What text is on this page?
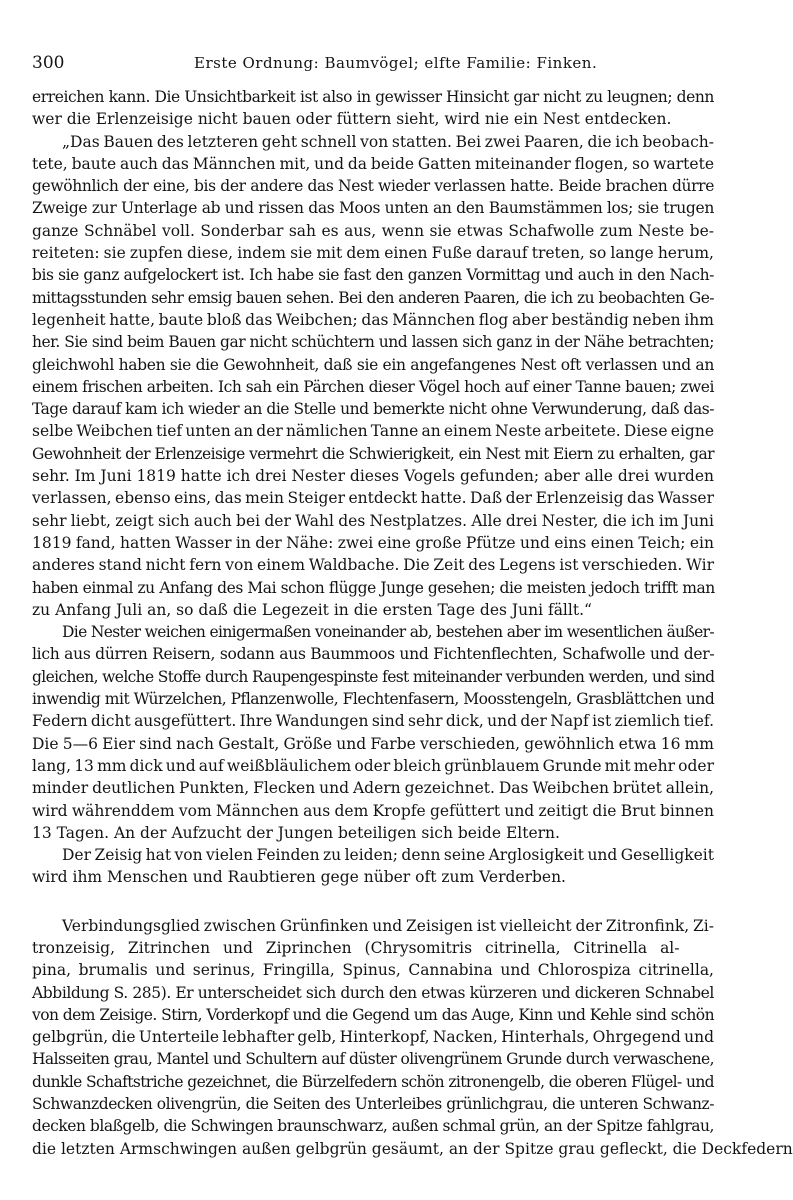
300	Erste Ordnung: Baumvögel; elfte Familie: Finken.
erreichen kann. Die Unsichtbarkeit ist also in gewisser Hinsicht gar nicht zu leugnen; denn
wer die Erlenzeisige nicht bauen oder füttern sieht, wird nie ein Nest entdecken.
„Das Bauen des letzteren geht schnell von statten. Bei zwei Paaren, die ich beobach-
tete, baute auch das Männchen mit, und da beide Gatten miteinander flogen, so wartete
gewöhnlich der eine, bis der andere das Nest wieder verlassen hatte. Beide brachen dürre
Zweige zur Unterlage ab und rissen das Moos unten an den Baumstämmen los; sie trugen
ganze Schnäbel voll. Sonderbar sah es aus, wenn sie etwas Schafwolle zum Neste be-
reiteten: sie zupfen diese, indem sie mit dem einen Fuße darauf treten, so lange herum,
bis sie ganz aufgelockert ist. Ich habe sie fast den ganzen Vormittag und auch in den Nach-
mittagsstunden sehr emsig bauen sehen. Bei den anderen Paaren, die ich zu beobachten Ge-
legenheit hatte, baute bloß das Weibchen; das Männchen flog aber beständig neben ihm
her. Sie sind beim Bauen gar nicht schüchtern und lassen sich ganz in der Nähe betrachten;
gleichwohl haben sie die Gewohnheit, daß sie ein angefangenes Nest oft verlassen und an
einem frischen arbeiten. Ich sah ein Pärchen dieser Vögel hoch auf einer Tanne bauen; zwei
Tage darauf kam ich wieder an die Stelle und bemerkte nicht ohne Verwunderung, daß das-
selbe Weibchen tief unten an der nämlichen Tanne an einem Neste arbeitete. Diese eigne
Gewohnheit der Erlenzeisige vermehrt die Schwierigkeit, ein Nest mit Eiern zu erhalten, gar
sehr. Im Juni 1819 hatte ich drei Nester dieses Vogels gefunden; aber alle drei wurden
verlassen, ebenso eins, das mein Steiger entdeckt hatte. Daß der Erlenzeisig das Wasser
sehr liebt, zeigt sich auch bei der Wahl des Nestplatzes. Alle drei Nester, die ich im Juni
1819 fand, hatten Wasser in der Nähe: zwei eine große Pfütze und eins einen Teich; ein
anderes stand nicht fern von einem Waldbache. Die Zeit des Legens ist verschieden. Wir
haben einmal zu Anfang des Mai schon flügge Junge gesehen; die meisten jedoch trifft man
zu Anfang Juli an, so daß die Legezeit in die ersten Tage des Juni fällt.“
Die Nester weichen einigermaßen voneinander ab, bestehen aber im wesentlichen äußer-
lich aus dürren Reisern, sodann aus Baummoos und Fichtenflechten, Schafwolle und der-
gleichen, welche Stoffe durch Raupengespinste fest miteinander verbunden werden, und sind
inwendig mit Würzelchen, Pflanzenwolle, Flechtenfasern, Moosstengeln, Grasblättchen und
Federn dicht ausgefüttert. Ihre Wandungen sind sehr dick, und der Napf ist ziemlich tief.
Die 5—6 Eier sind nach Gestalt, Größe und Farbe verschieden, gewöhnlich etwa 16 mm
lang, 13 mm dick und auf weißbläulichem oder bleich grünblauem Grunde mit mehr oder
minder deutlichen Punkten, Flecken und Adern gezeichnet. Das Weibchen brütet allein,
wird währenddem vom Männchen aus dem Kropfe gefüttert und zeitigt die Brut binnen
13 Tagen. An der Aufzucht der Jungen beteiligen sich beide Eltern.
Der Zeisig hat von vielen Feinden zu leiden; denn seine Arglosigkeit und Geselligkeit
wird ihm Menschen und Raubtieren gege nüber oft zum Verderben.
Verbindungsglied zwischen Grünfinken und Zeisigen ist vielleicht der Zitronfink, Zi-
tronzeisig, Zitrinchen und Ziprinchen (Chrysomitris citrinella, Citrinella al-
pina, brumalis und serinus, Fringilla, Spinus, Cannabina und Chlorospiza citrinella,
Abbildung S. 285). Er unterscheidet sich durch den etwas kürzeren und dickeren Schnabel
von dem Zeisige. Stirn, Vorderkopf und die Gegend um das Auge, Kinn und Kehle sind schön
gelbgrün, die Unterteile lebhafter gelb, Hinterkopf, Nacken, Hinterhals, Ohrgegend und
Halsseiten grau, Mantel und Schultern auf düster olivengrünem Grunde durch verwaschene,
dunkle Schaftstriche gezeichnet, die Bürzelfedern schön zitronengelb, die oberen Flügel- und
Schwanzdecken olivengrün, die Seiten des Unterleibes grünlichgrau, die unteren Schwanz-
decken blaßgelb, die Schwingen braunschwarz, außen schmal grün, an der Spitze fahlgrau,
die letzten Armschwingen außen gelbgrün gesäumt, an der Spitze grau gefleckt, die Deckfedern
